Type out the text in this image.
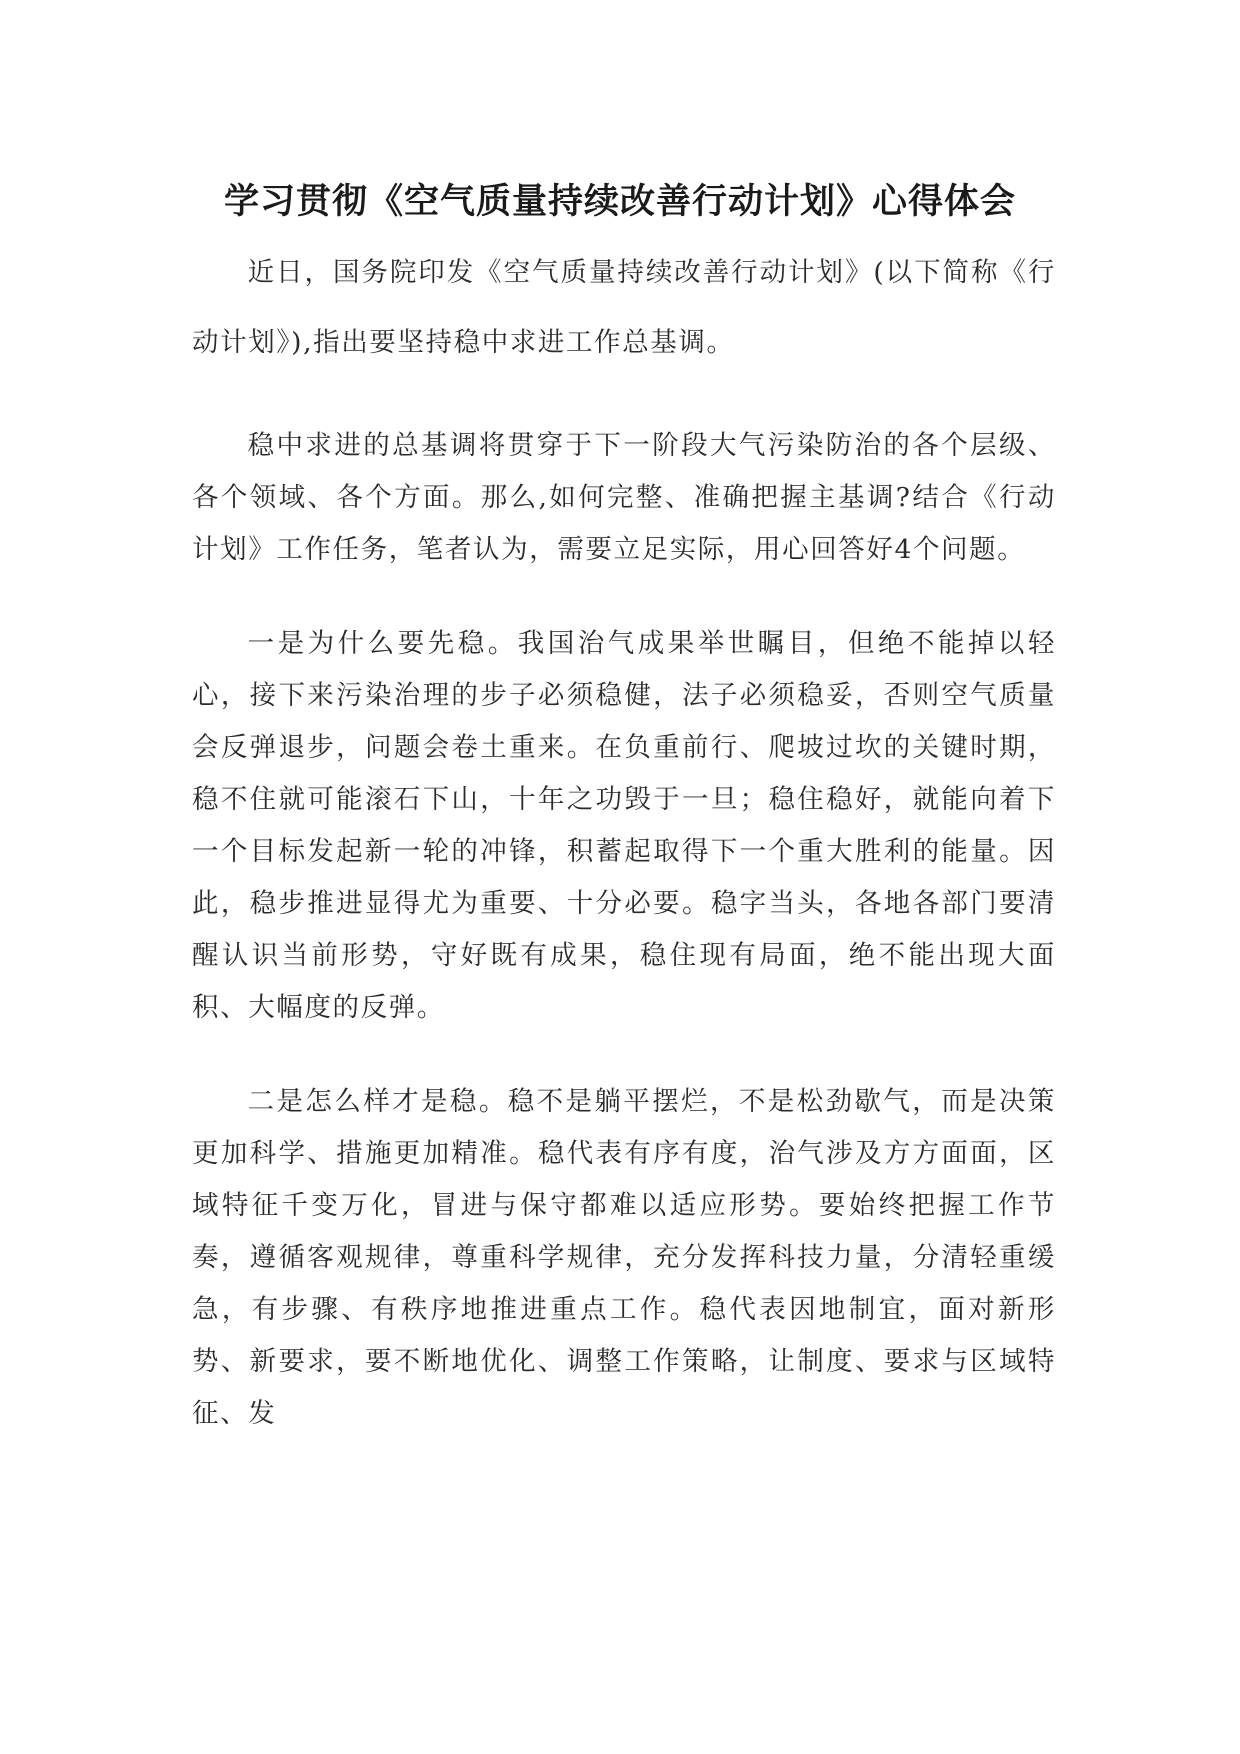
学习贯彻《空气质量持续改善行动计划》心得体会

近日，国务院印发《空气质量持续改善行动计划》(以下简称《行动计划》),指出要坚持稳中求进工作总基调。

稳中求进的总基调将贯穿于下一阶段大气污染防治的各个层级、各个领域、各个方面。那么,如何完整、准确把握主基调?结合《行动计划》工作任务，笔者认为，需要立足实际，用心回答好4个问题。

一是为什么要先稳。我国治气成果举世瞩目，但绝不能掉以轻心，接下来污染治理的步子必须稳健，法子必须稳妥，否则空气质量会反弹退步，问题会卷土重来。在负重前行、爬坡过坎的关键时期，稳不住就可能滚石下山，十年之功毁于一旦；稳住稳好，就能向着下一个目标发起新一轮的冲锋，积蓄起取得下一个重大胜利的能量。因此，稳步推进显得尤为重要、十分必要。稳字当头，各地各部门要清醒认识当前形势，守好既有成果，稳住现有局面，绝不能出现大面积、大幅度的反弹。

二是怎么样才是稳。稳不是躺平摆烂，不是松劲歇气，而是决策更加科学、措施更加精准。稳代表有序有度，治气涉及方方面面，区域特征千变万化，冒进与保守都难以适应形势。要始终把握工作节奏，遵循客观规律，尊重科学规律，充分发挥科技力量，分清轻重缓急，有步骤、有秩序地推进重点工作。稳代表因地制宜，面对新形势、新要求，要不断地优化、调整工作策略，让制度、要求与区域特征、发
